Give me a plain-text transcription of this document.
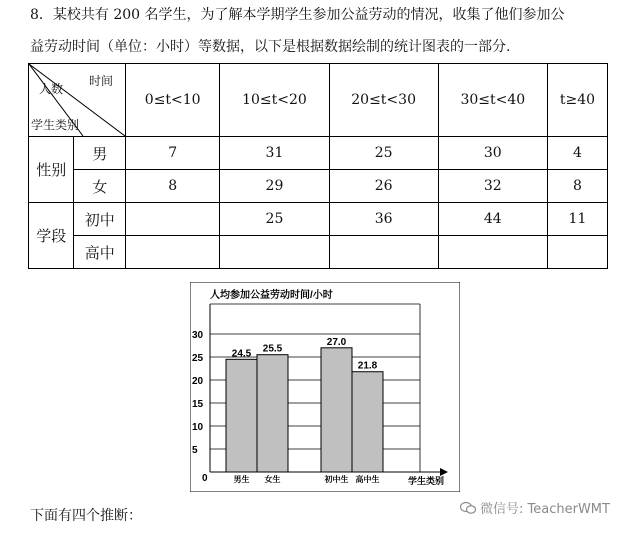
8．某校共有 200 名学生，为了解本学期学生参加公益劳动的情况，收集了他们参加公
益劳动时间（单位：小时）等数据，以下是根据数据绘制的统计图表的一部分.
时间
人数
学生类别		0≤t<10	10≤t<20	20≤t<30	30≤t<40	t≥40
性别	男	7	31	25	30	4
	女	8	29	26	32	8
学段	初中		25	36	44	11
	高中					
人均参加公益劳动时间/小时
30
25
20
15
10
5
24.5
男生
25.5
女生
27.0
初中生
21.8
高中生
0	学生类别
下面有四个推断：	微信号: TeacherWMT
